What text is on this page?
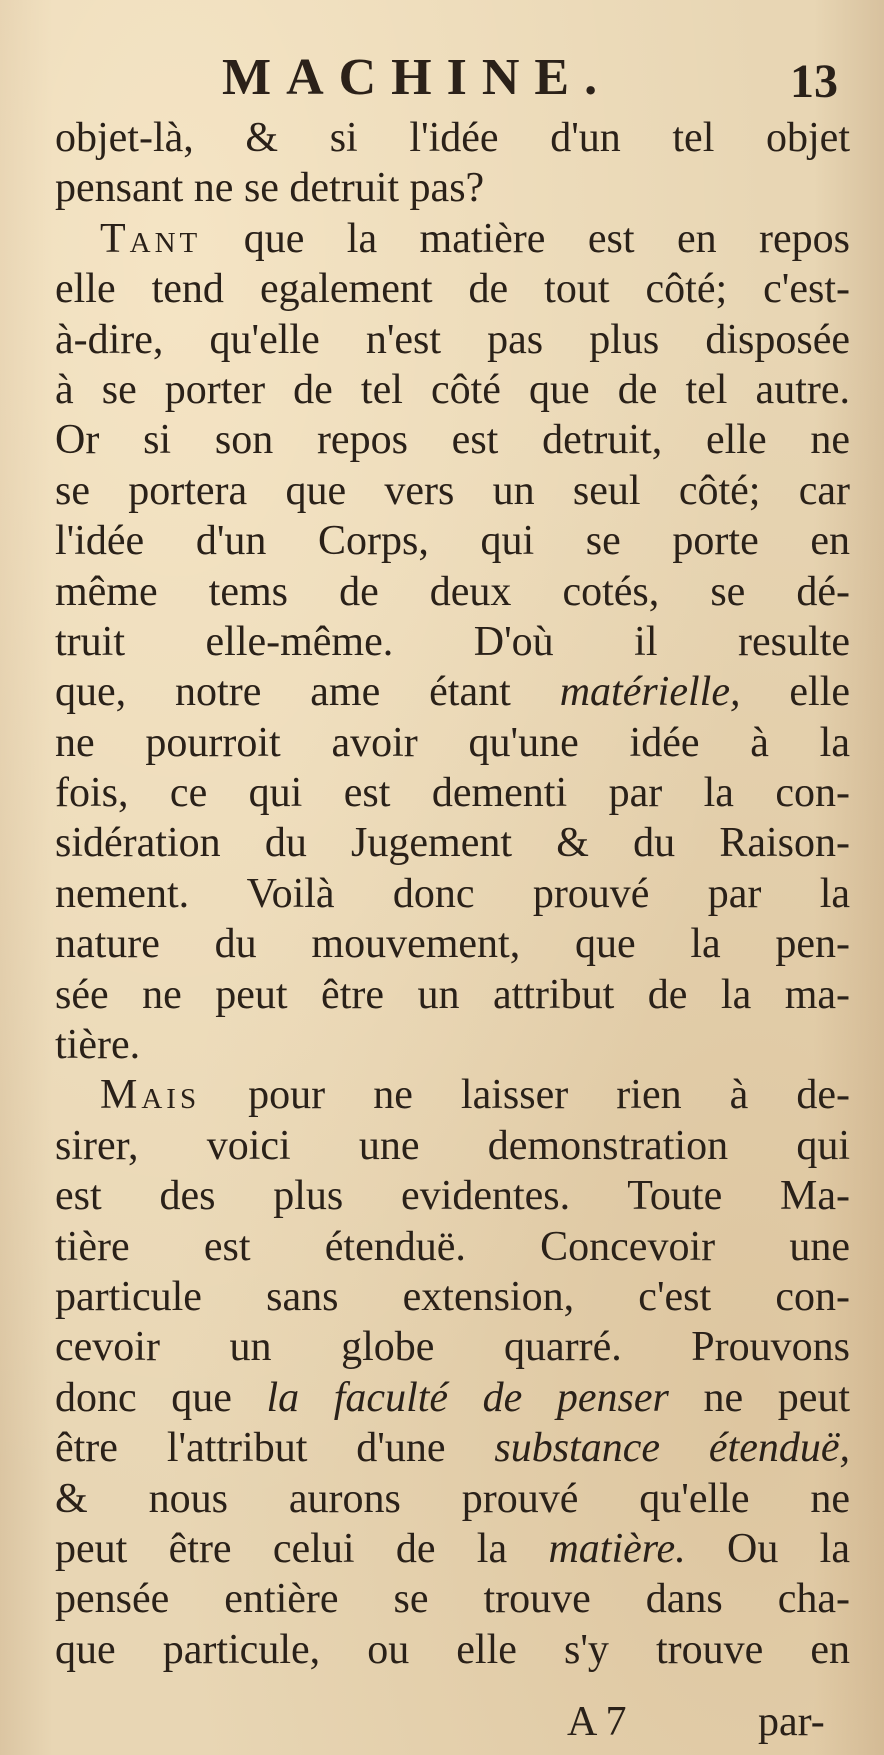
MACHINE.	13
objet-là, & si l'idée d'un tel objet
pensant ne se detruit pas?
Tant que la matière est en repos
elle tend egalement de tout côté; c'est-
à-dire, qu'elle n'est pas plus disposée
à se porter de tel côté que de tel autre.
Or si son repos est detruit, elle ne
se portera que vers un seul côté; car
l'idée d'un Corps, qui se porte en
même tems de deux cotés, se dé-
truit elle-même. D'où il resulte
que, notre ame étant matérielle, elle
ne pourroit avoir qu'une idée à la
fois, ce qui est dementi par la con-
sidération du Jugement & du Raison-
nement. Voilà donc prouvé par la
nature du mouvement, que la pen-
sée ne peut être un attribut de la ma-
tière.
Mais pour ne laisser rien à de-
sirer, voici une demonstration qui
est des plus evidentes. Toute Ma-
tière est étenduë. Concevoir une
particule sans extension, c'est con-
cevoir un globe quarré. Prouvons
donc que la faculté de penser ne peut
être l'attribut d'une substance étenduë,
& nous aurons prouvé qu'elle ne
peut être celui de la matière. Ou la
pensée entière se trouve dans cha-
que particule, ou elle s'y trouve en
A 7	par-
